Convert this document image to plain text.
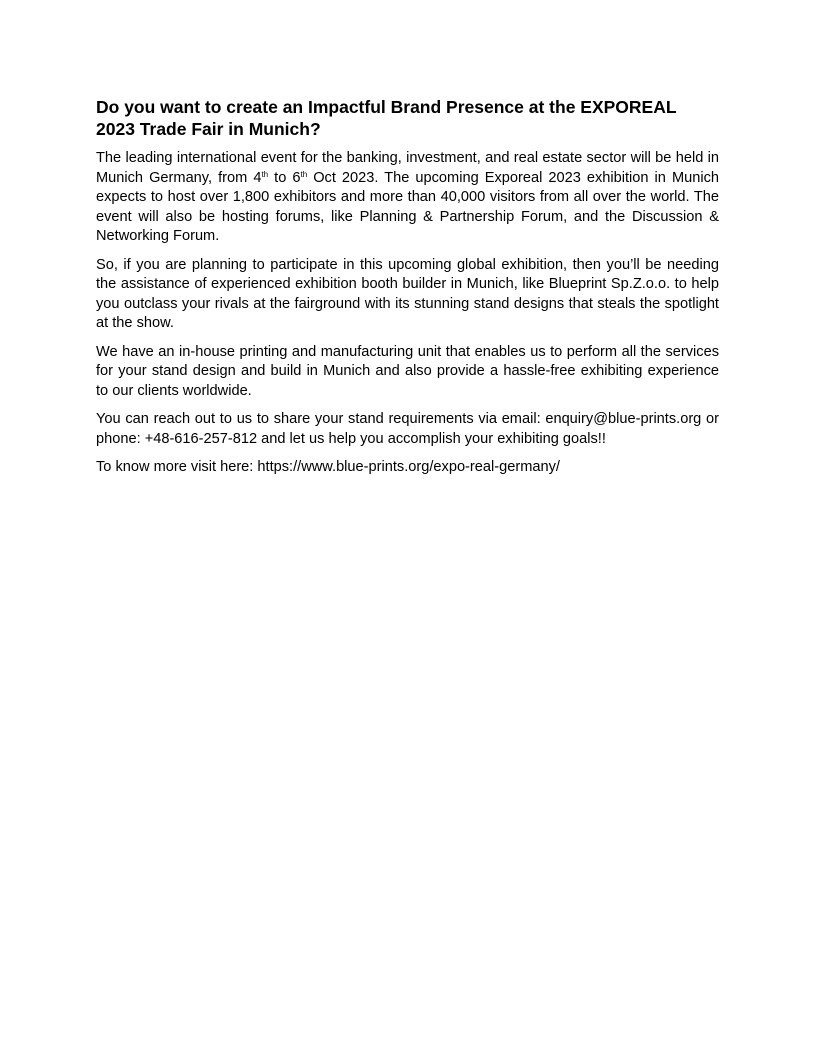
Do you want to create an Impactful Brand Presence at the EXPOREAL 2023 Trade Fair in Munich?

The leading international event for the banking, investment, and real estate sector will be held in Munich Germany, from 4th to 6th Oct 2023. The upcoming Exporeal 2023 exhibition in Munich expects to host over 1,800 exhibitors and more than 40,000 visitors from all over the world. The event will also be hosting forums, like Planning & Partnership Forum, and the Discussion & Networking Forum.

So, if you are planning to participate in this upcoming global exhibition, then you’ll be needing the assistance of experienced exhibition booth builder in Munich, like Blueprint Sp.Z.o.o. to help you outclass your rivals at the fairground with its stunning stand designs that steals the spotlight at the show.

We have an in-house printing and manufacturing unit that enables us to perform all the services for your stand design and build in Munich and also provide a hassle-free exhibiting experience to our clients worldwide.

You can reach out to us to share your stand requirements via email: enquiry@blue-prints.org or phone: +48-616-257-812 and let us help you accomplish your exhibiting goals!!

To know more visit here: https://www.blue-prints.org/expo-real-germany/
